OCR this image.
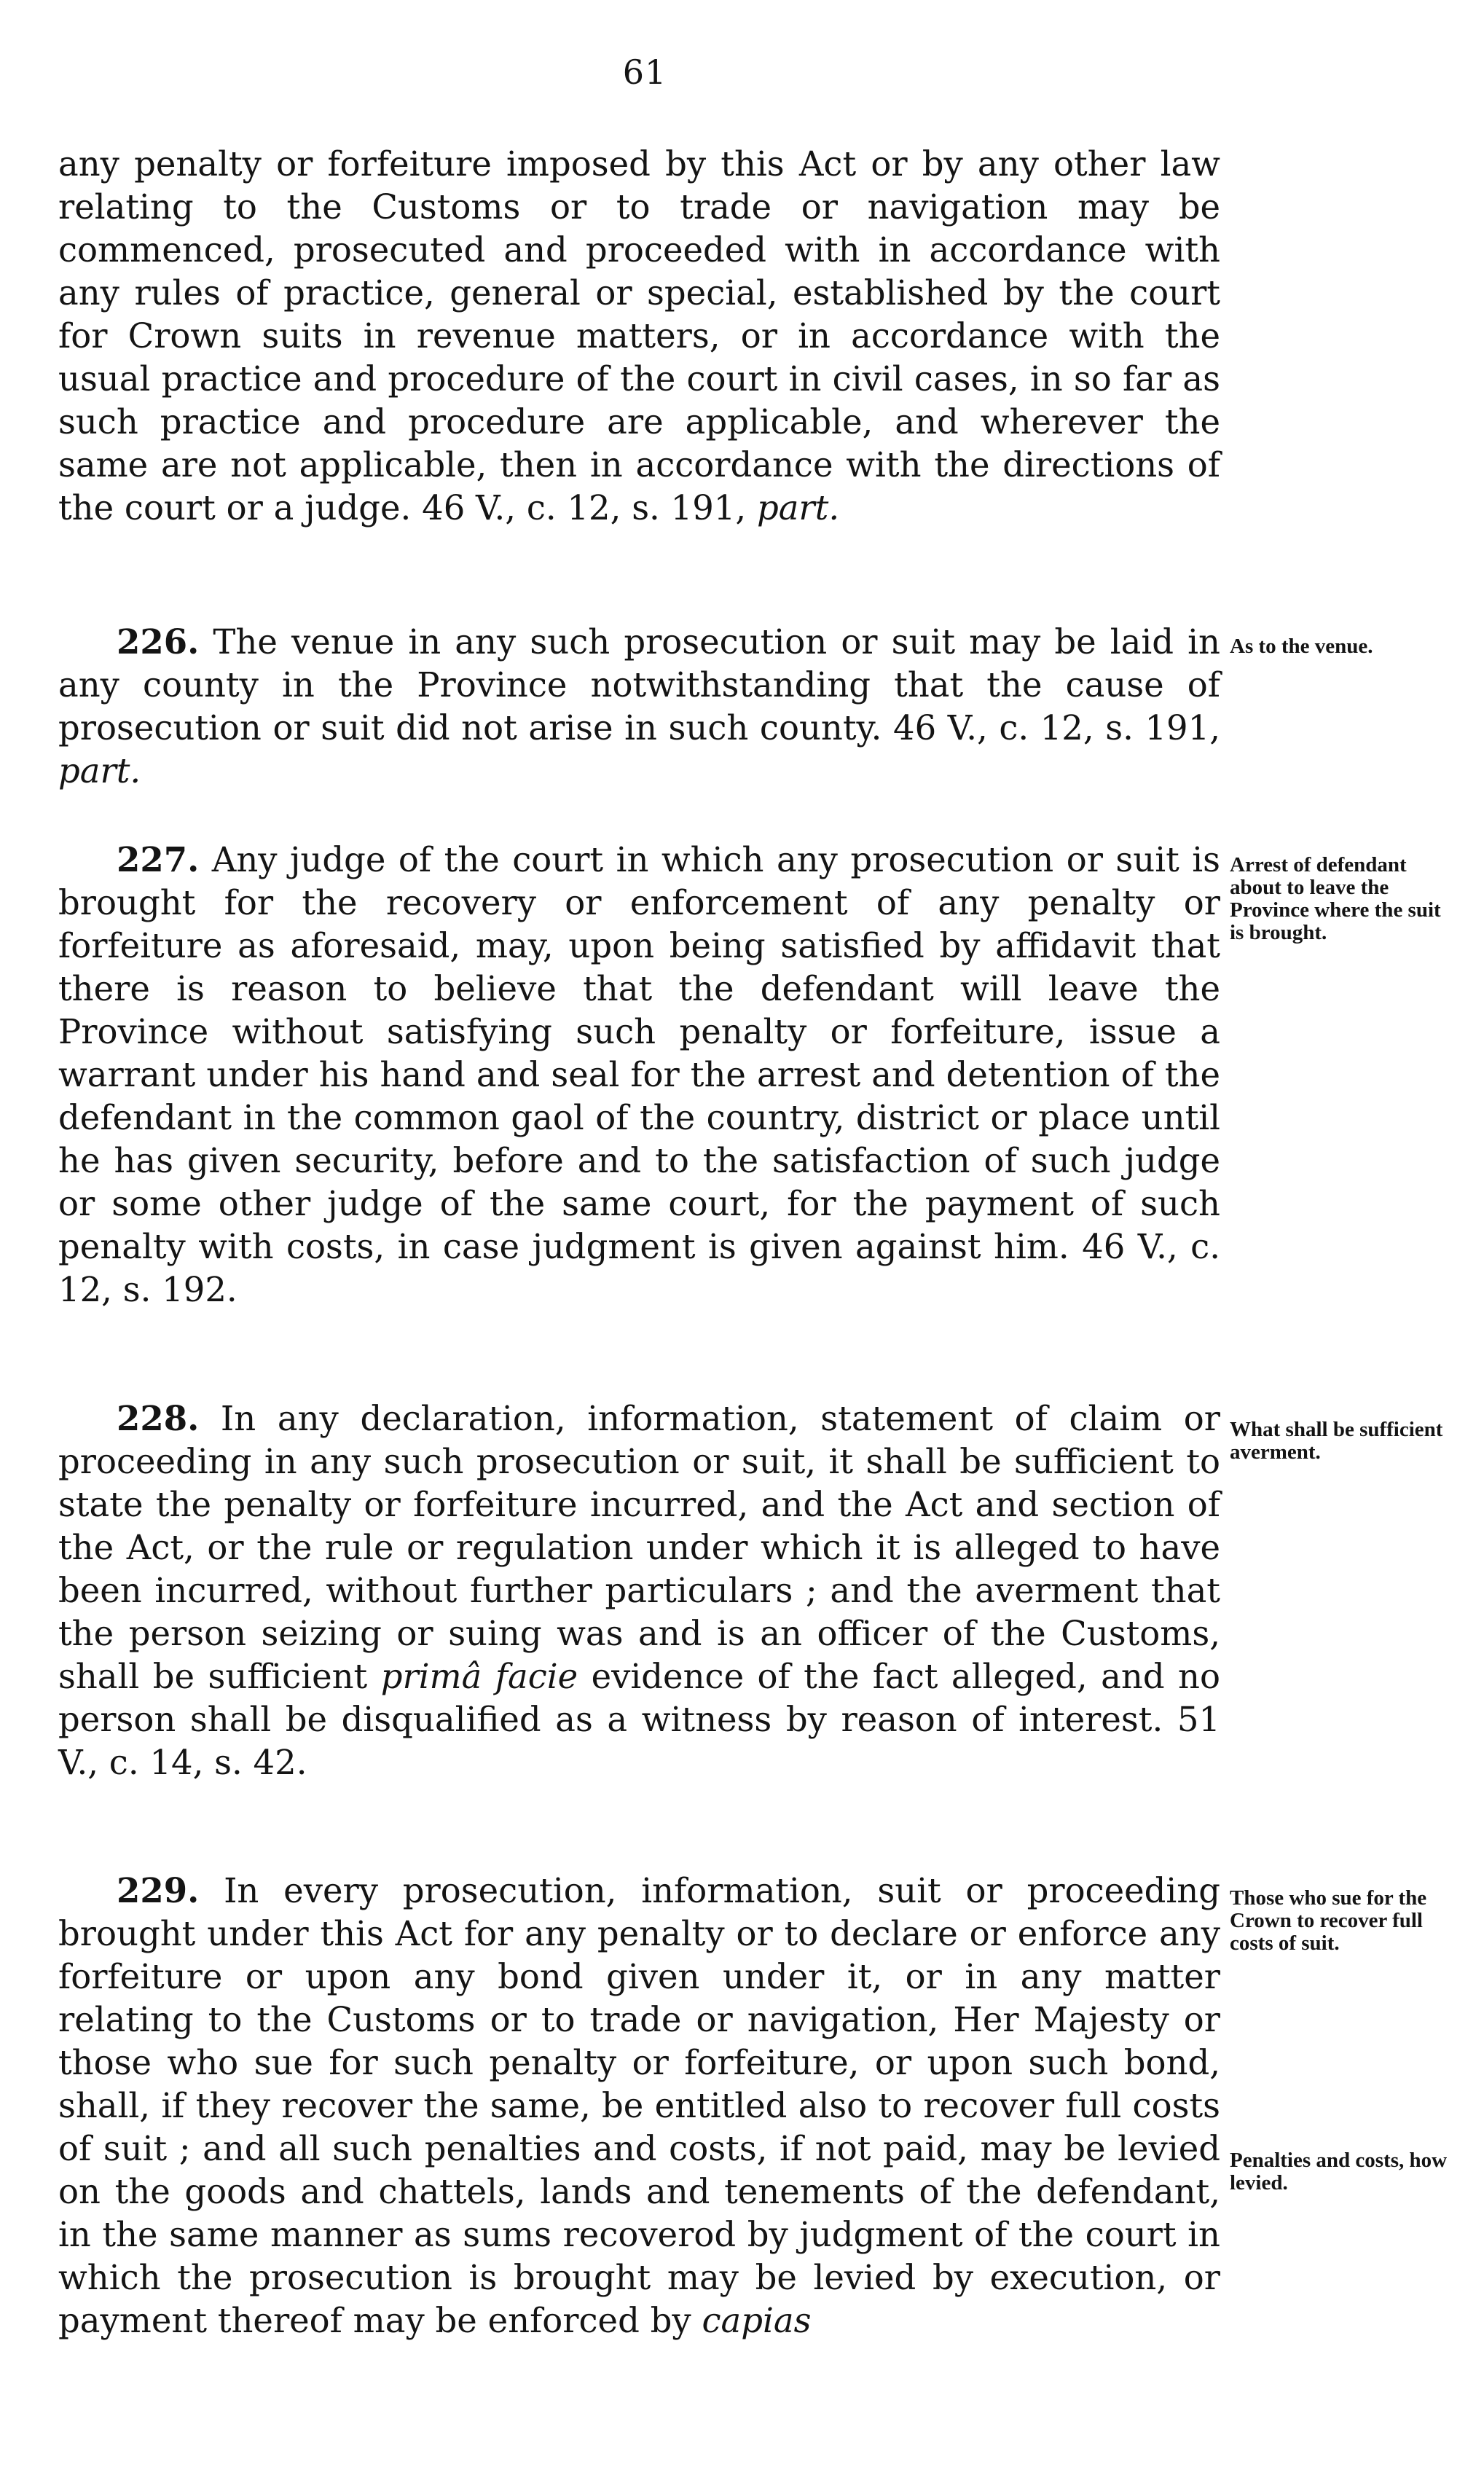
61

any penalty or forfeiture imposed by this Act or by any other law relating to the Customs or to trade or navigation may be commenced, prosecuted and proceeded with in accordance with any rules of practice, general or special, established by the court for Crown suits in revenue matters, or in accordance with the usual practice and procedure of the court in civil cases, in so far as such practice and procedure are applicable, and wherever the same are not applicable, then in accordance with the directions of the court or a judge. 46 V., c. 12, s. 191, part.

226. The venue in any such prosecution or suit may be laid in any county in the Province notwithstanding that the cause of prosecution or suit did not arise in such county. 46 V., c. 12, s. 191, part.

As to the venue.

227. Any judge of the court in which any prosecution or suit is brought for the recovery or enforcement of any penalty or forfeiture as aforesaid, may, upon being satisfied by affidavit that there is reason to believe that the defendant will leave the Province without satisfying such penalty or forfeiture, issue a warrant under his hand and seal for the arrest and detention of the defendant in the common gaol of the country, district or place until he has given security, before and to the satisfaction of such judge or some other judge of the same court, for the payment of such penalty with costs, in case judgment is given against him. 46 V., c. 12, s. 192.

Arrest of defendant about to leave the Province where the suit is brought.

228. In any declaration, information, statement of claim or proceeding in any such prosecution or suit, it shall be sufficient to state the penalty or forfeiture incurred, and the Act and section of the Act, or the rule or regulation under which it is alleged to have been incurred, without further particulars ; and the averment that the person seizing or suing was and is an officer of the Customs, shall be sufficient primâ facie evidence of the fact alleged, and no person shall be disqualified as a witness by reason of interest. 51 V., c. 14, s. 42.

What shall be sufficient averment.

229. In every prosecution, information, suit or proceeding brought under this Act for any penalty or to declare or enforce any forfeiture or upon any bond given under it, or in any matter relating to the Customs or to trade or navigation, Her Majesty or those who sue for such penalty or forfeiture, or upon such bond, shall, if they recover the same, be entitled also to recover full costs of suit ; and all such penalties and costs, if not paid, may be levied on the goods and chattels, lands and tenements of the defendant, in the same manner as sums recoverod by judgment of the court in which the prosecution is brought may be levied by execution, or payment thereof may be enforced by capias

Those who sue for the Crown to recover full costs of suit.
Penalties and costs, how levied.
